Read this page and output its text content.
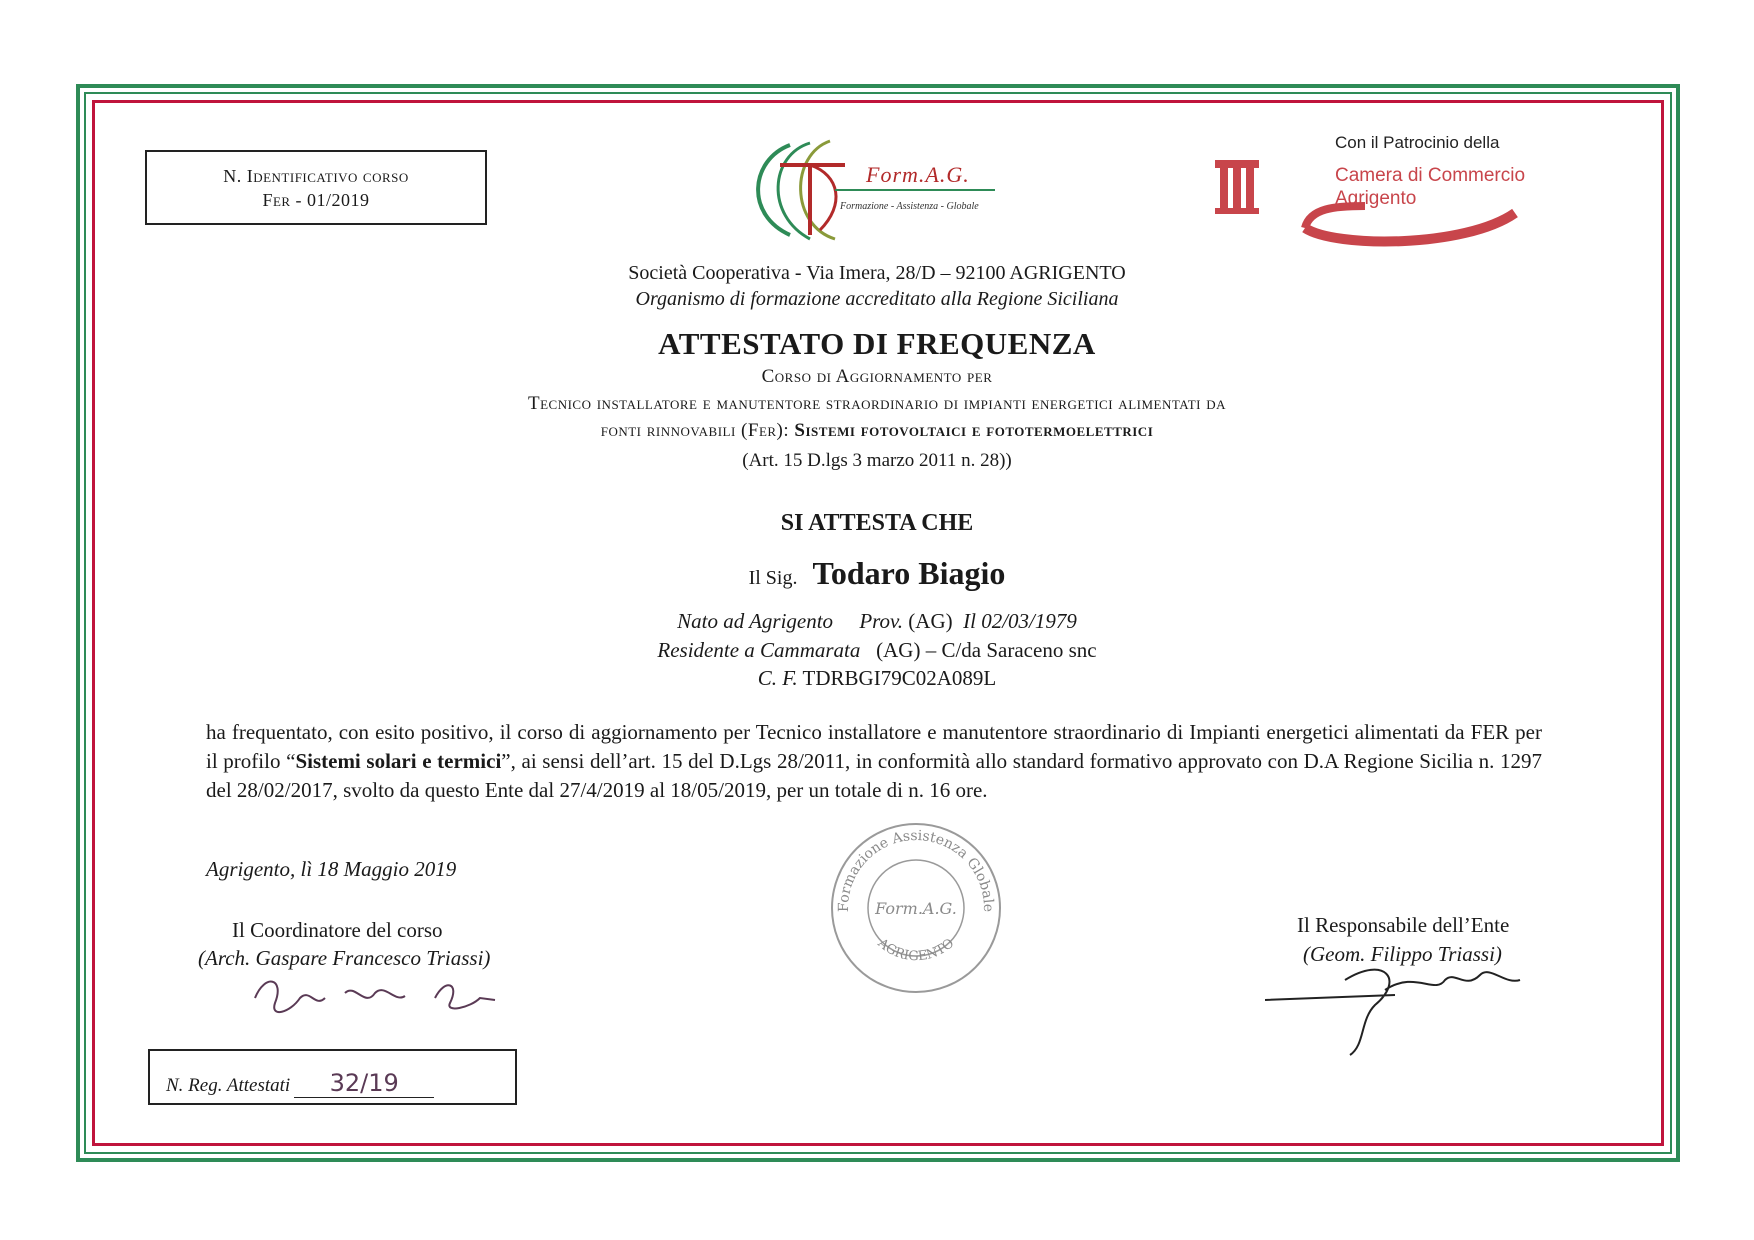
N. Identificativo corso
Fer - 01/2019
Form.A.G.
Formazione - Assistenza - Globale
Con il Patrocinio della
Camera di Commercio
Agrigento
Società Cooperativa - Via Imera, 28/D – 92100 AGRIGENTO
Organismo di formazione accreditato alla Regione Siciliana
ATTESTATO DI FREQUENZA
Corso di Aggiornamento per
Tecnico installatore e manutentore straordinario di impianti energetici alimentati da
fonti rinnovabili (Fer): Sistemi fotovoltaici e fototermoelettrici
(Art. 15 D.lgs 3 marzo 2011 n. 28))
SI ATTESTA CHE
Il Sig. Todaro Biagio
Nato ad Agrigento Prov. (AG) Il 02/03/1979
Residente a Cammarata (AG) – C/da Saraceno snc
C. F. TDRBGI79C02A089L
ha frequentato, con esito positivo, il corso di aggiornamento per Tecnico installatore e manutentore straordinario di Impianti energetici alimentati da FER per il profilo “Sistemi solari e termici”, ai sensi dell’art. 15 del D.Lgs 28/2011, in conformità allo standard formativo approvato con D.A Regione Sicilia n. 1297 del 28/02/2017, svolto da questo Ente dal 27/4/2019 al 18/05/2019, per un totale di n. 16 ore.
Agrigento, lì 18 Maggio 2019
Formazione Assistenza Globale
AGRIGENTO
Form.A.G.
Il Coordinatore del corso
(Arch. Gaspare Francesco Triassi)
Il Responsabile dell’Ente
(Geom. Filippo Triassi)
N. Reg. Attestati 32/19
